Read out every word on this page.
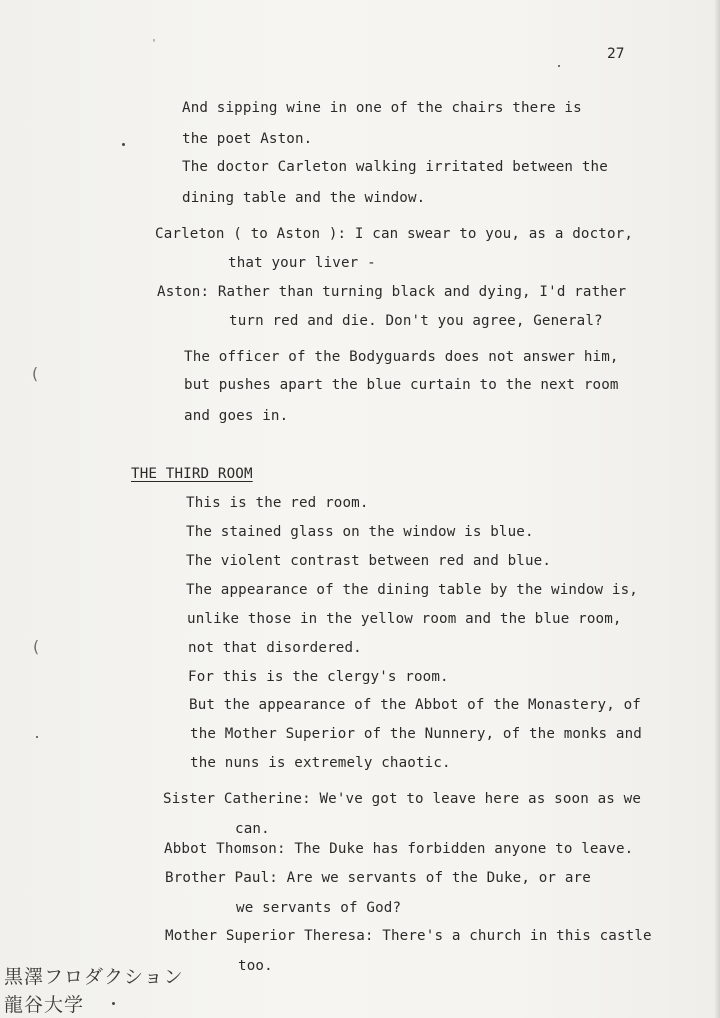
27
'
(
(
And sipping wine in one of the chairs there is
the poet Aston.
The doctor Carleton walking irritated between the
dining table and the window.
Carleton ( to Aston ): I can swear to you, as a doctor,
that your liver -
Aston: Rather than turning black and dying, I'd rather
turn red and die. Don't you agree, General?
The officer of the Bodyguards does not answer him,
but pushes apart the blue curtain to the next room
and goes in.
THE THIRD ROOM
This is the red room.
The stained glass on the window is blue.
The violent contrast between red and blue.
The appearance of the dining table by the window is,
unlike those in the yellow room and the blue room,
not that disordered.
For this is the clergy's room.
But the appearance of the Abbot of the Monastery, of
the Mother Superior of the Nunnery, of the monks and
the nuns is extremely chaotic.
Sister Catherine: We've got to leave here as soon as we
can.
Abbot Thomson: The Duke has forbidden anyone to leave.
Brother Paul: Are we servants of the Duke, or are
we servants of God?
Mother Superior Theresa: There's a church in this castle
too.
黒澤フロダクション
龍谷大学
